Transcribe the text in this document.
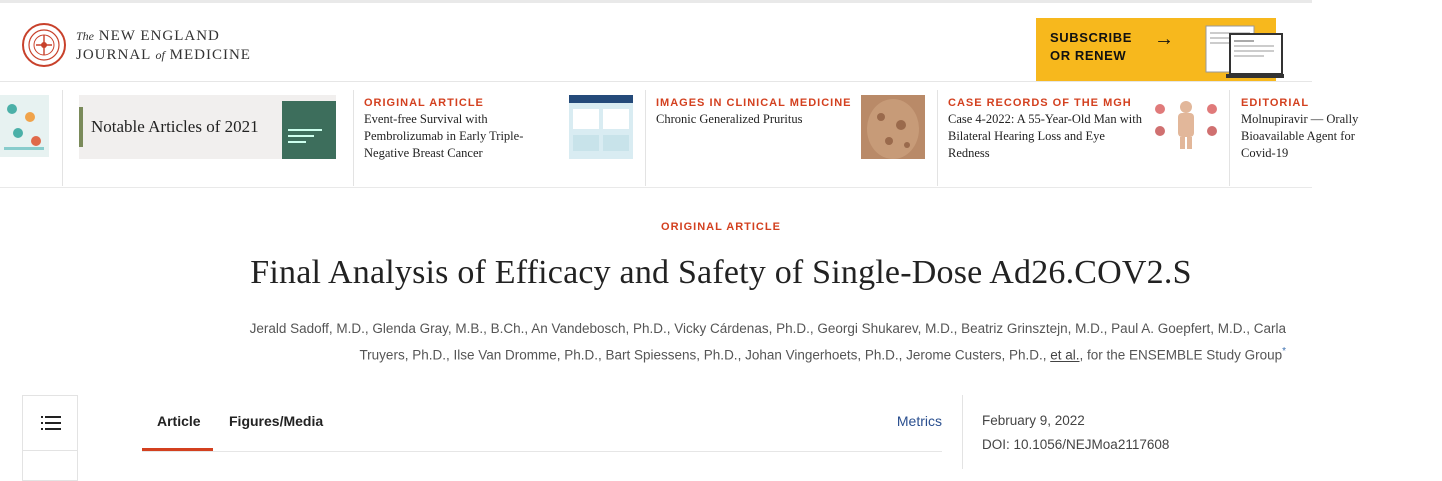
The NEW ENGLAND
JOURNAL of MEDICINE
SUBSCRIBE
OR RENEW
→
Notable Articles of 2021
ORIGINAL ARTICLE
Event-free Survival with Pembrolizumab in Early Triple-Negative Breast Cancer
IMAGES IN CLINICAL MEDICINE
Chronic Generalized Pruritus
CASE RECORDS OF THE MGH
Case 4-2022: A 55-Year-Old Man with Bilateral Hearing Loss and Eye Redness
EDITORIAL
Molnupiravir — Orally Bioavailable Agent for Covid-19
ORIGINAL ARTICLE
Final Analysis of Efficacy and Safety of Single-Dose Ad26.COV2.S
Jerald Sadoff, M.D., Glenda Gray, M.B., B.Ch., An Vandebosch, Ph.D., Vicky Cárdenas, Ph.D., Georgi Shukarev, M.D., Beatriz Grinsztejn, M.D., Paul A. Goepfert, M.D., Carla
Truyers, Ph.D., Ilse Van Dromme, Ph.D., Bart Spiessens, Ph.D., Johan Vingerhoets, Ph.D., Jerome Custers, Ph.D., et al., for the ENSEMBLE Study Group*
Article Figures/Media	Metrics	February 9, 2022
DOI: 10.1056/NEJMoa2117608
